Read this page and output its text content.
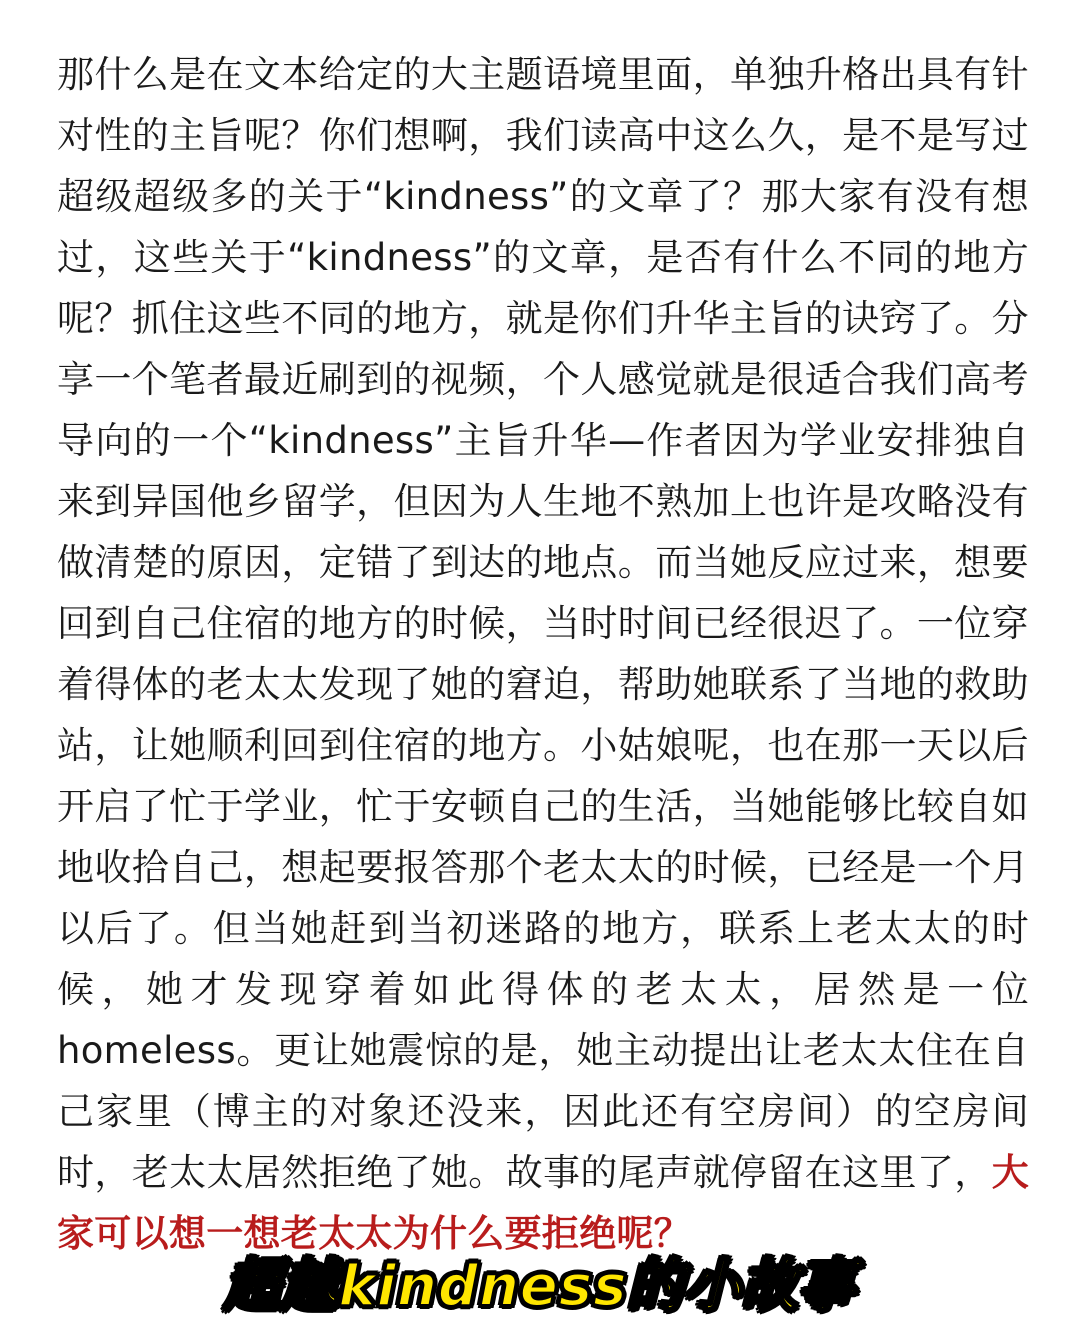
那什么是在文本给定的大主题语境里面，单独升格出具有针对性的主旨呢？你们想啊，我们读高中这么久，是不是写过超级超级多的关于“kindness”的文章了？那大家有没有想过，这些关于“kindness”的文章，是否有什么不同的地方呢？抓住这些不同的地方，就是你们升华主旨的诀窍了。分享一个笔者最近刷到的视频，个人感觉就是很适合我们高考导向的一个“kindness”主旨升华—作者因为学业安排独自来到异国他乡留学，但因为人生地不熟加上也许是攻略没有做清楚的原因，定错了到达的地点。而当她反应过来，想要回到自己住宿的地方的时候，当时时间已经很迟了。一位穿着得体的老太太发现了她的窘迫，帮助她联系了当地的救助站，让她顺利回到住宿的地方。小姑娘呢，也在那一天以后开启了忙于学业，忙于安顿自己的生活，当她能够比较自如地收拾自己，想起要报答那个老太太的时候，已经是一个月以后了。但当她赶到当初迷路的地方，联系上老太太的时候，她才发现穿着如此得体的老太太，居然是一位homeless。更让她震惊的是，她主动提出让老太太住在自己家里（博主的对象还没来，因此还有空房间）的空房间时，老太太居然拒绝了她。故事的尾声就停留在这里了，大家可以想一想老太太为什么要拒绝呢？
超越kindness的小故事
